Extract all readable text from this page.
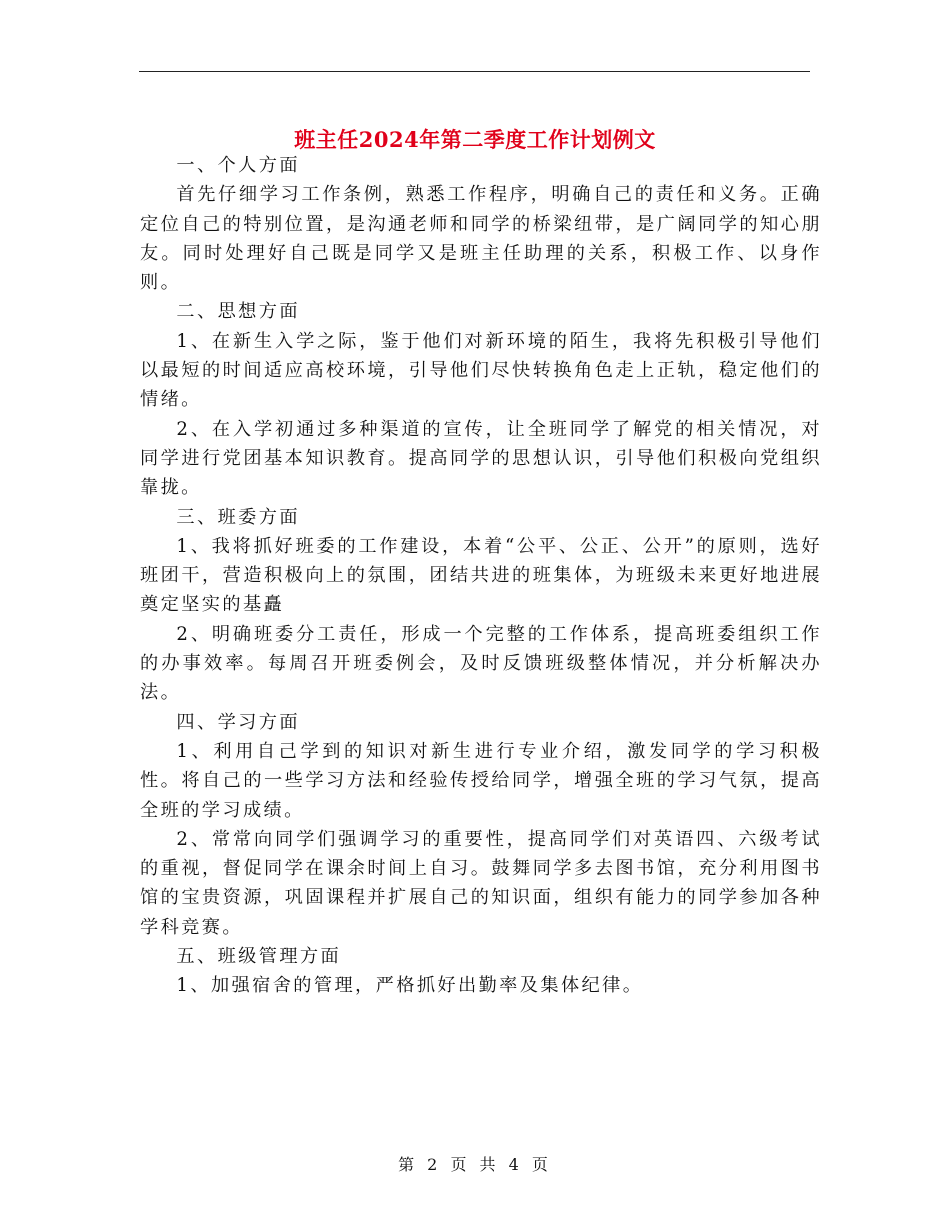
班主任2024年第二季度工作计划例文

一、个人方面

首先仔细学习工作条例，熟悉工作程序，明确自己的责任和义务。正确定位自己的特别位置，是沟通老师和同学的桥梁纽带，是广阔同学的知心朋友。同时处理好自己既是同学又是班主任助理的关系，积极工作、以身作则。

二、思想方面

1、在新生入学之际，鉴于他们对新环境的陌生，我将先积极引导他们以最短的时间适应高校环境，引导他们尽快转换角色走上正轨，稳定他们的情绪。

2、在入学初通过多种渠道的宣传，让全班同学了解党的相关情况，对同学进行党团基本知识教育。提高同学的思想认识，引导他们积极向党组织靠拢。

三、班委方面

1、我将抓好班委的工作建设，本着“公平、公正、公开”的原则，选好班团干，营造积极向上的氛围，团结共进的班集体，为班级未来更好地进展奠定坚实的基矗

2、明确班委分工责任，形成一个完整的工作体系，提高班委组织工作的办事效率。每周召开班委例会，及时反馈班级整体情况，并分析解决办法。

四、学习方面

1、利用自己学到的知识对新生进行专业介绍，激发同学的学习积极性。将自己的一些学习方法和经验传授给同学，增强全班的学习气氛，提高全班的学习成绩。

2、常常向同学们强调学习的重要性，提高同学们对英语四、六级考试的重视，督促同学在课余时间上自习。鼓舞同学多去图书馆，充分利用图书馆的宝贵资源，巩固课程并扩展自己的知识面，组织有能力的同学参加各种学科竞赛。

五、班级管理方面

1、加强宿舍的管理，严格抓好出勤率及集体纪律。

第 2 页 共 4 页
